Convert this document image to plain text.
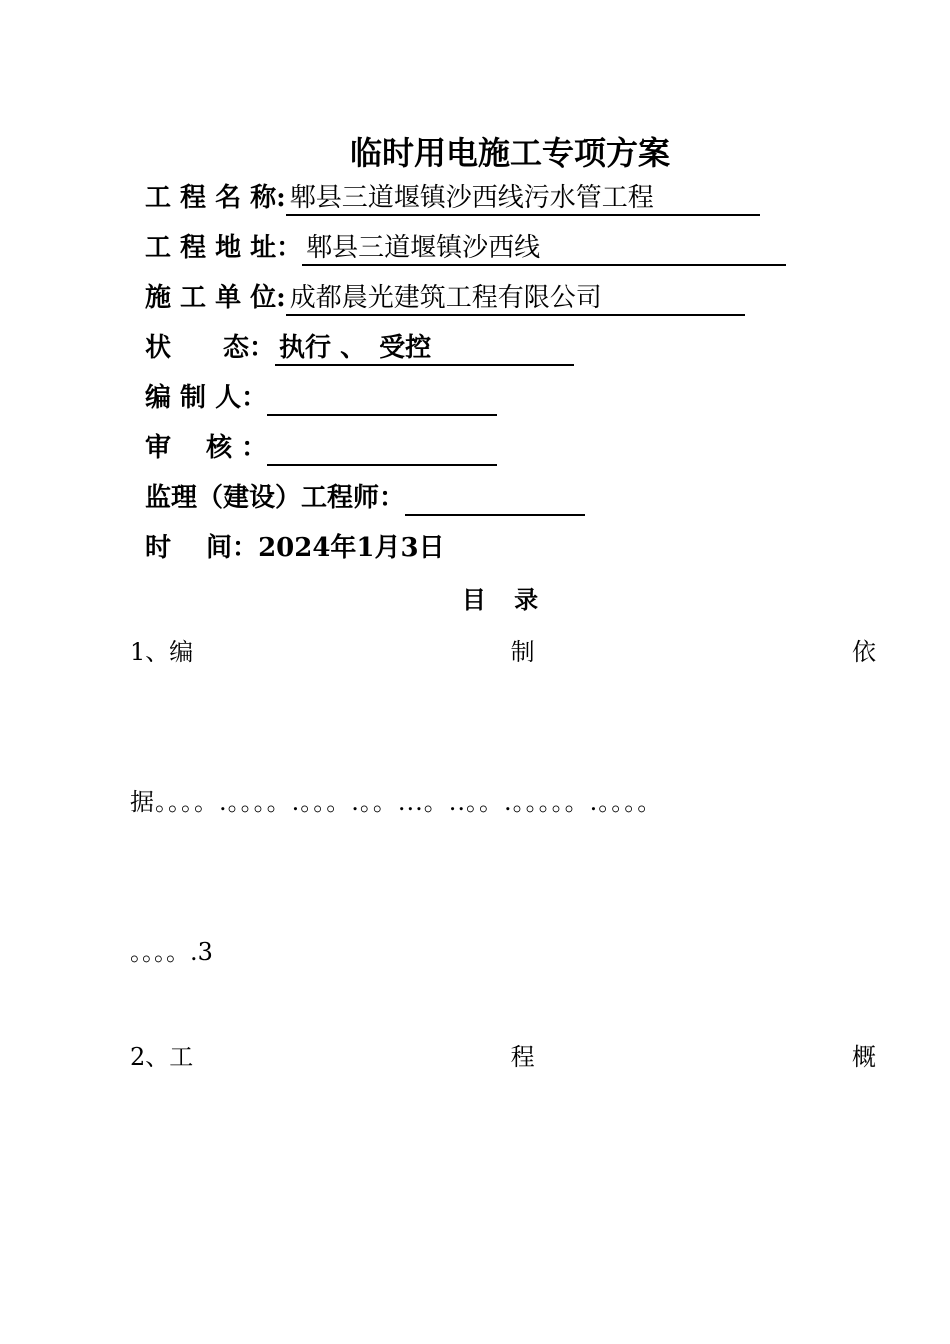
临时用电施工专项方案
工 程 名 称:郫县三道堰镇沙西线污水管工程
工 程 地 址：郫县三道堰镇沙西线
施 工 单 位:成都晨光建筑工程有限公司
状　　态： 执行 、　受控
编 制 人：
审　 核 ：
监理（建设）工程师：
时　 间：2024年1月3日
目 录
1、编	制	依
据。。。。.。。。。.。。。.。。...。..。。.。。。。。.。。。。
。。。。.3
2、工	程	概
